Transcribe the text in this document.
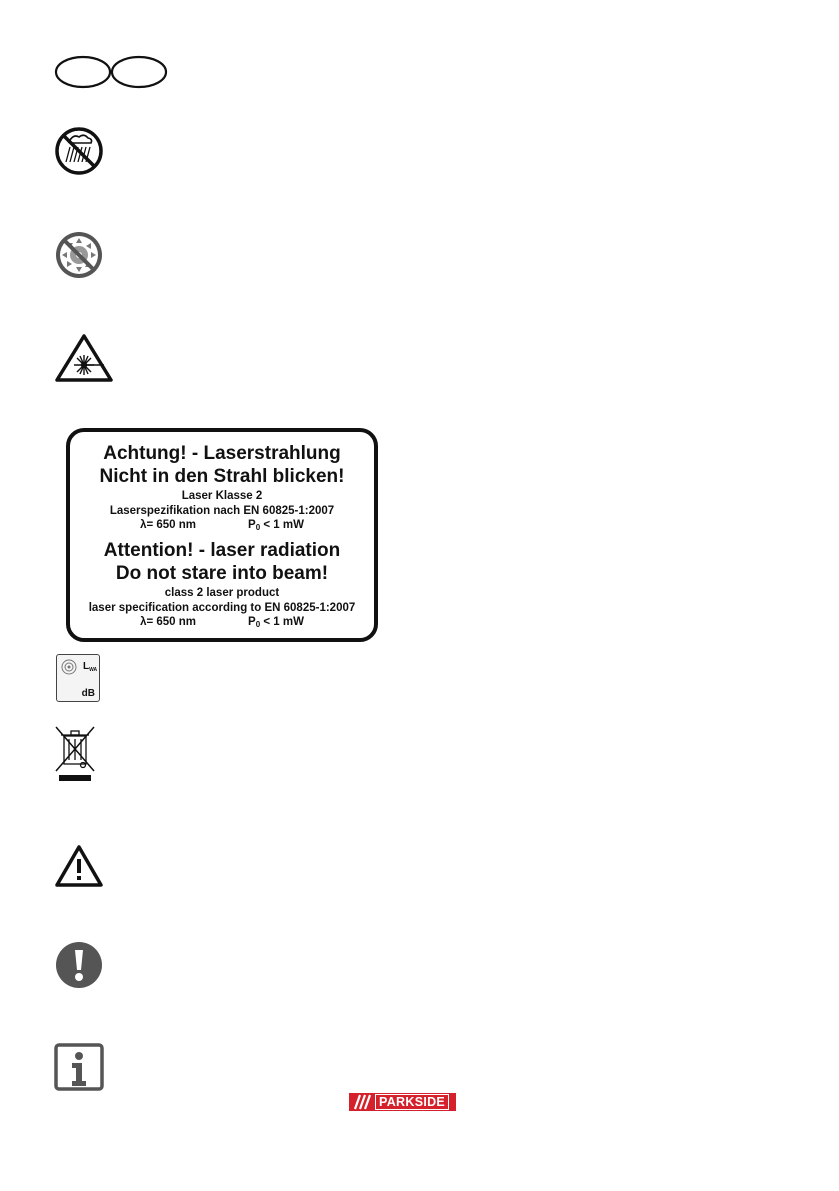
Achtung! - Laserstrahlung
Nicht in den Strahl blicken!
Laser Klasse 2
Laserspezifikation nach EN 60825-1:2007
λ= 650 nm	$P_0 < 1$ mW
Attention! - laser radiation
Do not stare into beam!
class 2 laser product
laser specification according to EN 60825-1:2007
λ= 650 nm	$P_0 < 1$ mW
$L_{WA}$
dB
PARKSIDE
